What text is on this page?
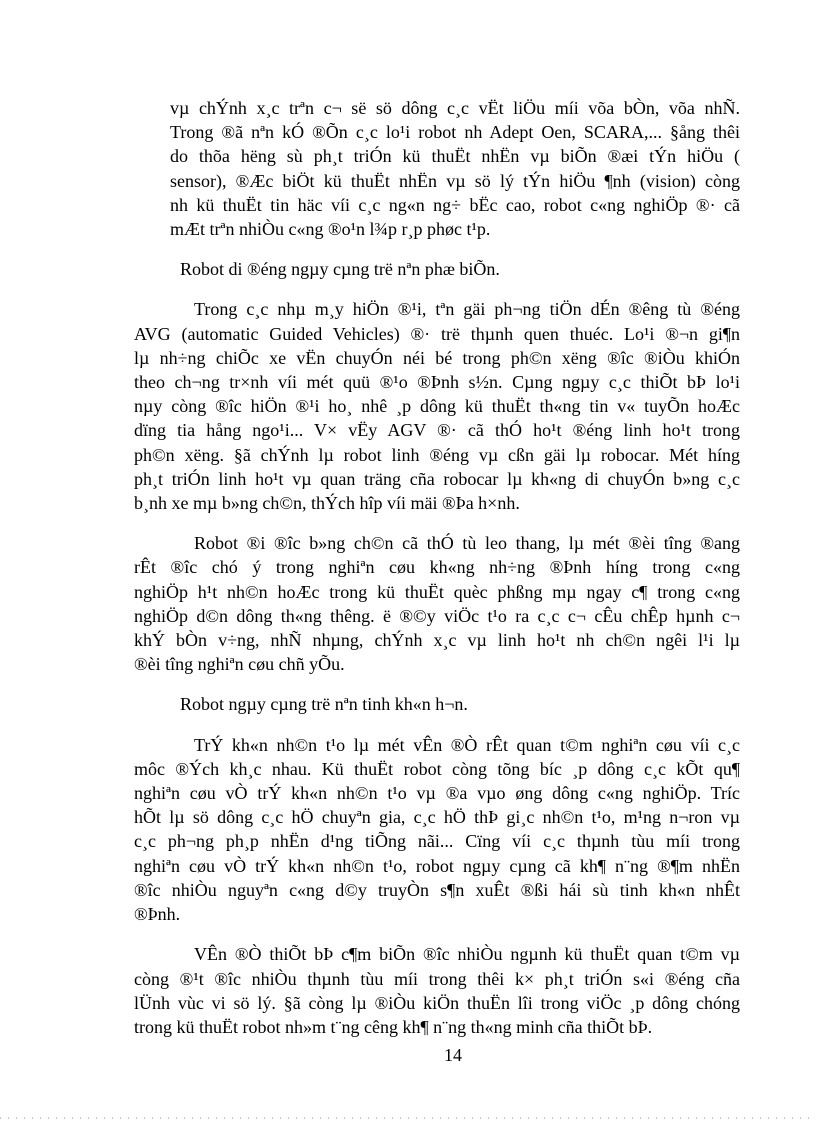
vµ chÝnh x¸c trªn c¬ së sö dông c¸c vËt liÖu míi võa bÒn, võa nhÑ.
Trong ®ã nªn kÓ ®Õn c¸c lo¹i robot nh Adept Oen, SCARA,... §ång thêi
do thõa hëng sù ph¸t triÓn kü thuËt nhËn vµ biÕn ®æi tÝn hiÖu (
sensor), ®Æc biÖt kü thuËt nhËn vµ sö lý tÝn hiÖu ¶nh (vision) còng
nh kü thuËt tin häc víi c¸c ng«n ng÷ bËc cao, robot c«ng nghiÖp ®· cã
mÆt trªn nhiÒu c«ng ®o¹n l¾p r¸p phøc t¹p.
Robot di ®éng ngµy cµng trë nªn phæ biÕn.
Trong c¸c nhµ m¸y hiÖn ®¹i, tªn gäi ph¬ng tiÖn dÉn ®êng tù ®éng
AVG (automatic Guided Vehicles) ®· trë thµnh quen thuéc. Lo¹i ®¬n gi¶n
lµ nh÷ng chiÕc xe vËn chuyÓn néi bé trong ph©n xëng ®îc ®iÒu khiÓn
theo ch¬ng tr×nh víi mét quü ®¹o ®Þnh s½n. Cµng ngµy c¸c thiÕt bÞ lo¹i
nµy còng ®îc hiÖn ®¹i ho¸ nhê ¸p dông kü thuËt th«ng tin v« tuyÕn hoÆc
dïng tia hång ngo¹i... V× vËy AGV ®· cã thÓ ho¹t ®éng linh ho¹t trong
ph©n xëng. §ã chÝnh lµ robot linh ®éng vµ cßn gäi lµ robocar. Mét híng
ph¸t triÓn linh ho¹t vµ quan träng cña robocar lµ kh«ng di chuyÓn b»ng c¸c
b¸nh xe mµ b»ng ch©n, thÝch hîp víi mäi ®Þa h×nh.
Robot ®i ®îc b»ng ch©n cã thÓ tù leo thang, lµ mét ®èi tîng ®ang
rÊt ®îc chó ý trong nghiªn cøu kh«ng nh÷ng ®Þnh híng trong c«ng
nghiÖp h¹t nh©n hoÆc trong kü thuËt quèc phßng mµ ngay c¶ trong c«ng
nghiÖp d©n dông th«ng thêng. ë ®©y viÖc t¹o ra c¸c c¬ cÊu chÊp hµnh c¬
khÝ bÒn v÷ng, nhÑ nhµng, chÝnh x¸c vµ linh ho¹t nh ch©n ngêi l¹i lµ
®èi tîng nghiªn cøu chñ yÕu.
Robot ngµy cµng trë nªn tinh kh«n h¬n.
TrÝ kh«n nh©n t¹o lµ mét vÊn ®Ò rÊt quan t©m nghiªn cøu víi c¸c
môc ®Ých kh¸c nhau. Kü thuËt robot còng tõng bíc ¸p dông c¸c kÕt qu¶
nghiªn cøu vÒ trÝ kh«n nh©n t¹o vµ ®a vµo øng dông c«ng nghiÖp. Tríc
hÕt lµ sö dông c¸c hÖ chuyªn gia, c¸c hÖ thÞ gi¸c nh©n t¹o, m¹ng n¬ron vµ
c¸c ph¬ng ph¸p nhËn d¹ng tiÕng nãi... Cïng víi c¸c thµnh tùu míi trong
nghiªn cøu vÒ trÝ kh«n nh©n t¹o, robot ngµy cµng cã kh¶ n¨ng ®¶m nhËn
®îc nhiÒu nguyªn c«ng d©y truyÒn s¶n xuÊt ®ßi hái sù tinh kh«n nhÊt
®Þnh.
VÊn ®Ò thiÕt bÞ c¶m biÕn ®îc nhiÒu ngµnh kü thuËt quan t©m vµ
còng ®¹t ®îc nhiÒu thµnh tùu míi trong thêi k× ph¸t triÓn s«i ®éng cña
lÜnh vùc vi sö lý. §ã còng lµ ®iÒu kiÖn thuËn lîi trong viÖc ¸p dông chóng
trong kü thuËt robot nh»m t¨ng cêng kh¶ n¨ng th«ng minh cña thiÕt bÞ.
14
